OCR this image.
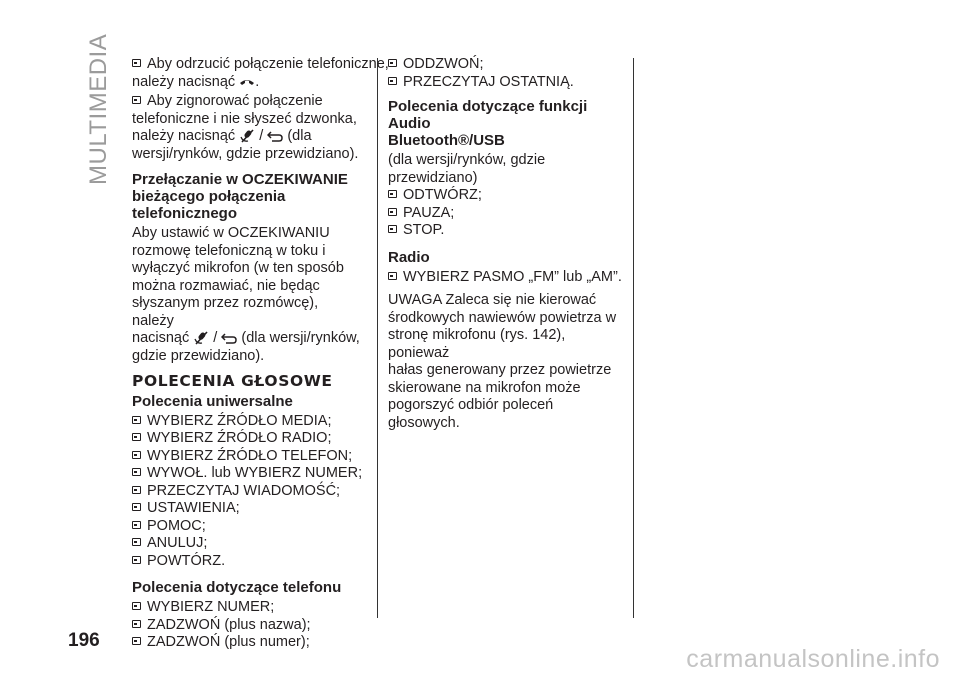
MULTIMEDIA	Aby odrzucić połączenie telefoniczne,
należy nacisnąć .
Aby zignorować połączenie
telefoniczne i nie słyszeć dzwonka,
należy nacisnąć / (dla
wersji/rynków, gdzie przewidziano).
Przełączanie w OCZEKIWANIE
bieżącego połączenia
telefonicznego
Aby ustawić w OCZEKIWANIU
rozmowę telefoniczną w toku i
wyłączyć mikrofon (w ten sposób
można rozmawiać, nie będąc
słyszanym przez rozmówcę), należy
nacisnąć / (dla wersji/rynków,
gdzie przewidziano).
POLECENIA GŁOSOWE
Polecenia uniwersalne
WYBIERZ ŹRÓDŁO MEDIA;
WYBIERZ ŹRÓDŁO RADIO;
WYBIERZ ŹRÓDŁO TELEFON;
WYWOŁ. lub WYBIERZ NUMER;
PRZECZYTAJ WIADOMOŚĆ;
USTAWIENIA;
POMOC;
ANULUJ;
POWTÓRZ.
Polecenia dotyczące telefonu
WYBIERZ NUMER;
ZADZWOŃ (plus nazwa);
ZADZWOŃ (plus numer);
ODDZWOŃ;
PRZECZYTAJ OSTATNIĄ.
Polecenia dotyczące funkcji Audio
Bluetooth®/USB
(dla wersji/rynków, gdzie przewidziano)
ODTWÓRZ;
PAUZA;
STOP.
Radio
WYBIERZ PASMO „FM” lub „AM”.
UWAGA Zaleca się nie kierować
środkowych nawiewów powietrza w
stronę mikrofonu (rys. 142), ponieważ
hałas generowany przez powietrze
skierowane na mikrofon może
pogorszyć odbiór poleceń głosowych.
196
carmanualsonline.info
